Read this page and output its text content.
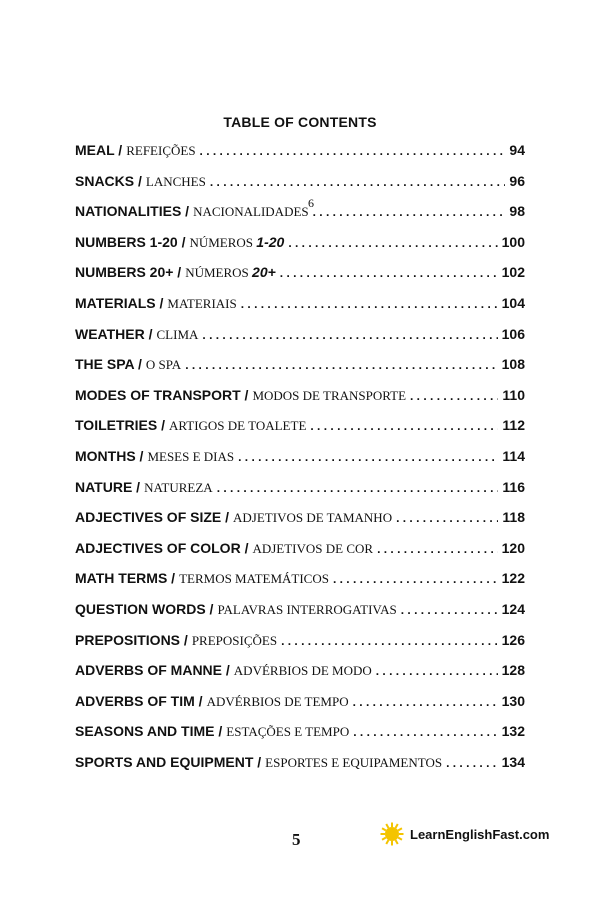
TABLE OF CONTENTS
6
MEAL / REFEIÇÕES . . .	94
SNACKS / LANCHES . . .	96
NATIONALITIES / NACIONALIDADES . . .	98
NUMBERS 1-20 / NÚMEROS 1-20 . . .	100
NUMBERS 20+ / NÚMEROS 20+ . . .	102
MATERIALS / MATERIAIS . . .	104
WEATHER / CLIMA . . .	106
THE SPA / O SPA . . .	108
MODES OF TRANSPORT / MODOS DE TRANSPORTE . . .	110
TOILETRIES / ARTIGOS DE TOALETE . . .	112
MONTHS / MESES E DIAS . . .	114
NATURE / NATUREZA . . .	116
ADJECTIVES OF SIZE / ADJETIVOS DE TAMANHO . . .	118
ADJECTIVES OF COLOR / ADJETIVOS DE COR . . .	120
MATH TERMS / TERMOS MATEMÁTICOS . . .	122
QUESTION WORDS / PALAVRAS INTERROGATIVAS . . .	124
PREPOSITIONS / PREPOSIÇÕES . . .	126
ADVERBS OF MANNE / ADVÉRBIOS DE MODO . . .	128
ADVERBS OF TIM / ADVÉRBIOS DE TEMPO . . .	130
SEASONS AND TIME / ESTAÇÕES E TEMPO . . .	132
SPORTS AND EQUIPMENT / ESPORTES E EQUIPAMENTOS . . .	134
5	LearnEnglishFast.com
